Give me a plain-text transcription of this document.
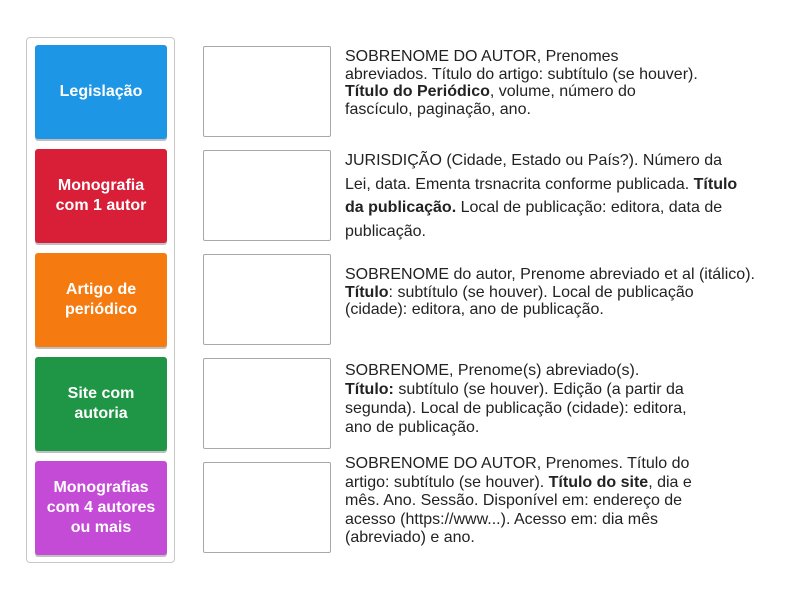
Legislação
Monografia com 1 autor
Artigo de periódico
Site com autoria
Monografias com 4 autores ou mais

SOBRENOME DO AUTOR, Prenomes abreviados. Título do artigo: subtítulo (se houver). Título do Periódico, volume, número do fascículo, paginação, ano.

JURISDIÇÃO (Cidade, Estado ou País?). Número da Lei, data. Ementa trsnacrita conforme publicada. Título da publicação. Local de publicação: editora, data de publicação.

SOBRENOME do autor, Prenome abreviado et al (itálico). Título: subtítulo (se houver). Local de publicação (cidade): editora, ano de publicação.

SOBRENOME, Prenome(s) abreviado(s). Título: subtítulo (se houver). Edição (a partir da segunda). Local de publicação (cidade): editora, ano de publicação.

SOBRENOME DO AUTOR, Prenomes. Título do artigo: subtítulo (se houver). Título do site, dia e mês. Ano. Sessão. Disponível em: endereço de acesso (https://www...). Acesso em: dia mês (abreviado) e ano.
